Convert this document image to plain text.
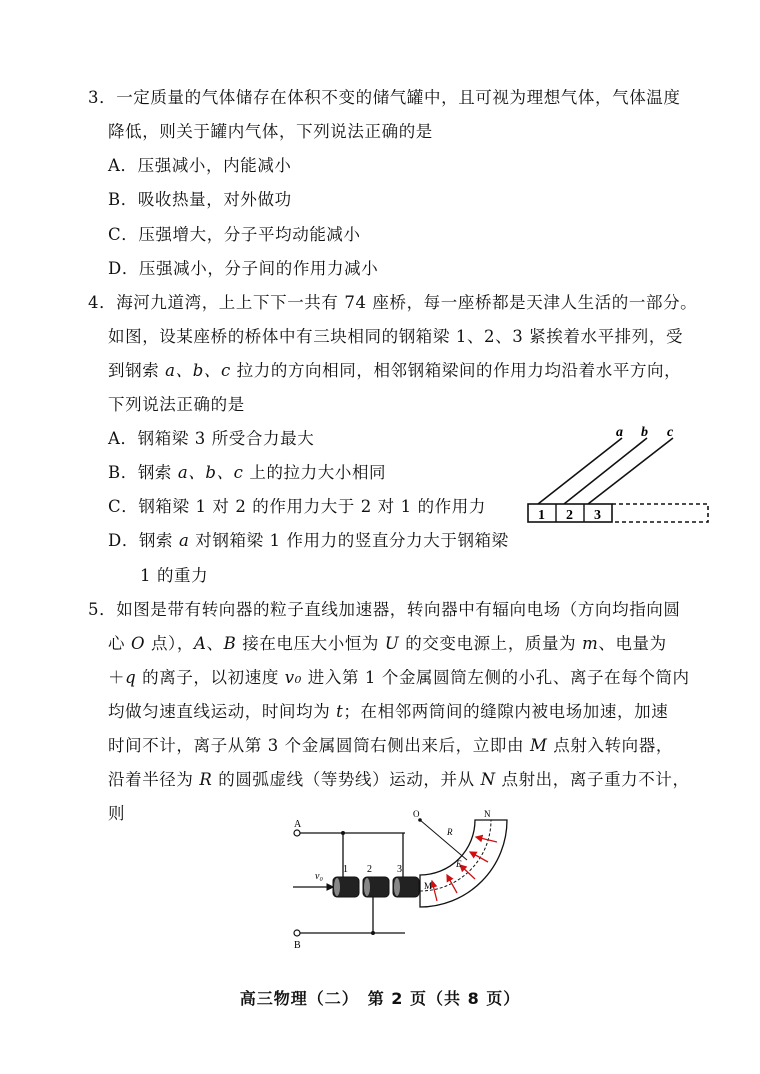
3．一定质量的气体储存在体积不变的储气罐中，且可视为理想气体，气体温度
降低，则关于罐内气体，下列说法正确的是
A．压强减小，内能减小
B．吸收热量，对外做功
C．压强增大，分子平均动能减小
D．压强减小，分子间的作用力减小
4．海河九道湾，上上下下一共有 74 座桥，每一座桥都是天津人生活的一部分。
如图，设某座桥的桥体中有三块相同的钢箱梁 1、2、3 紧挨着水平排列，受
到钢索 a、b、c 拉力的方向相同，相邻钢箱梁间的作用力均沿着水平方向，
下列说法正确的是
A．钢箱梁 3 所受合力最大
B．钢索 a、b、c 上的拉力大小相同
C．钢箱梁 1 对 2 的作用力大于 2 对 1 的作用力
D．钢索 a 对钢箱梁 1 作用力的竖直分力大于钢箱梁
1 的重力
a b c
1 2 3
5．如图是带有转向器的粒子直线加速器，转向器中有辐向电场（方向均指向圆
心 O 点），A、B 接在电压大小恒为 U 的交变电源上，质量为 m、电量为
＋q 的离子，以初速度 v₀ 进入第 1 个金属圆筒左侧的小孔、离子在每个筒内
均做匀速直线运动，时间均为 t；在相邻两筒间的缝隙内被电场加速，加速
时间不计，离子从第 3 个金属圆筒右侧出来后，立即由 M 点射入转向器，
沿着半径为 R 的圆弧虚线（等势线）运动，并从 N 点射出，离子重力不计，
则
A
B
v₀
1 2	3
O
R
N
M
E
高三物理（二）　第 2 页（共 8 页）
